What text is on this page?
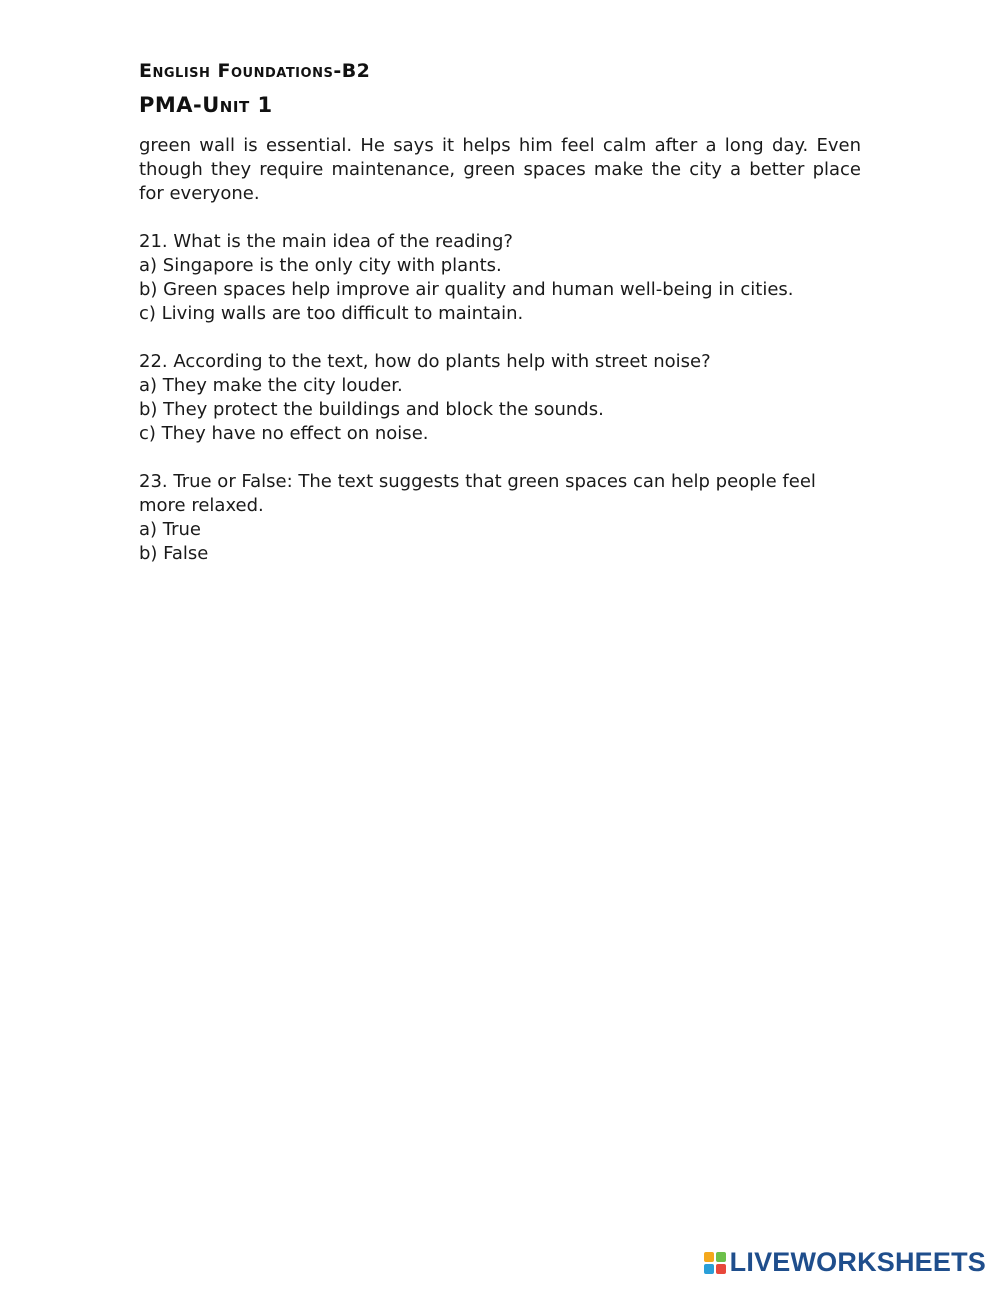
English Foundations-B2
PMA-Unit 1

green wall is essential. He says it helps him feel calm after a long day. Even though they require maintenance, green spaces make the city a better place for everyone.

21. What is the main idea of the reading?

a) Singapore is the only city with plants.

b) Green spaces help improve air quality and human well-being in cities.

c) Living walls are too difficult to maintain.

22. According to the text, how do plants help with street noise?

a) They make the city louder.

b) They protect the buildings and block the sounds.

c) They have no effect on noise.

23. True or False: The text suggests that green spaces can help people feel more relaxed.

a) True

b) False

LIVEWORKSHEETS
